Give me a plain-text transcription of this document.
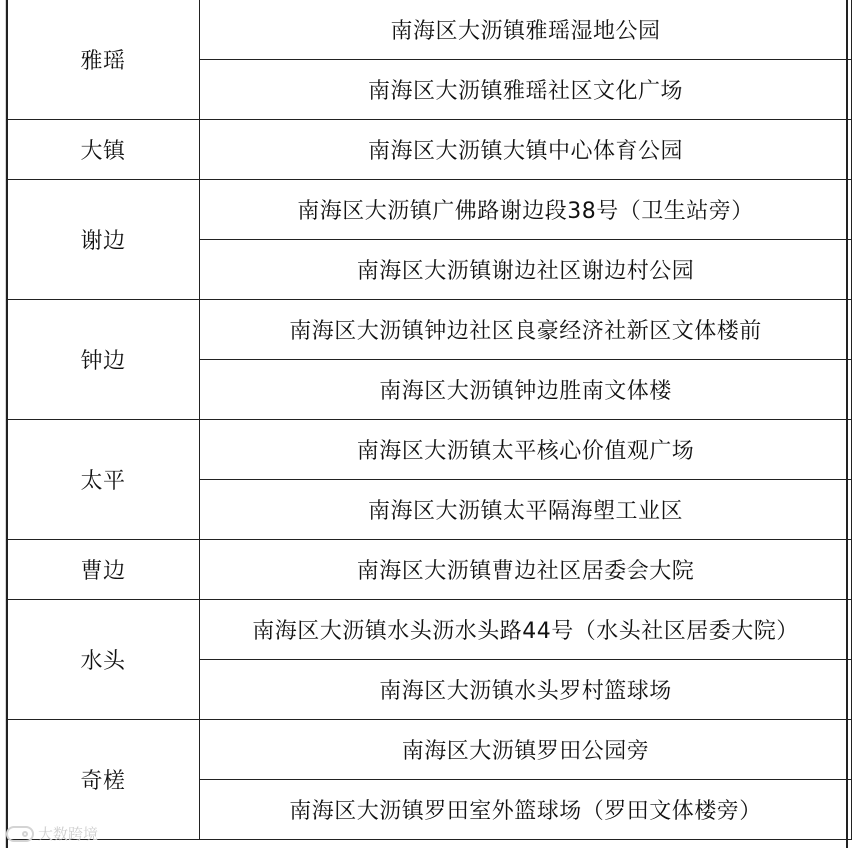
雅瑶	南海区大沥镇雅瑶湿地公园
	南海区大沥镇雅瑶社区文化广场
大镇	南海区大沥镇大镇中心体育公园
谢边	南海区大沥镇广佛路谢边段38号（卫生站旁）
	南海区大沥镇谢边社区谢边村公园
钟边	南海区大沥镇钟边社区良豪经济社新区文体楼前
	南海区大沥镇钟边胜南文体楼
太平	南海区大沥镇太平核心价值观广场
	南海区大沥镇太平隔海塱工业区
曹边	南海区大沥镇曹边社区居委会大院
水头	南海区大沥镇水头沥水头路44号（水头社区居委大院）
	南海区大沥镇水头罗村篮球场
奇槎	南海区大沥镇罗田公园旁
	南海区大沥镇罗田室外篮球场（罗田文体楼旁）
大数跨境
